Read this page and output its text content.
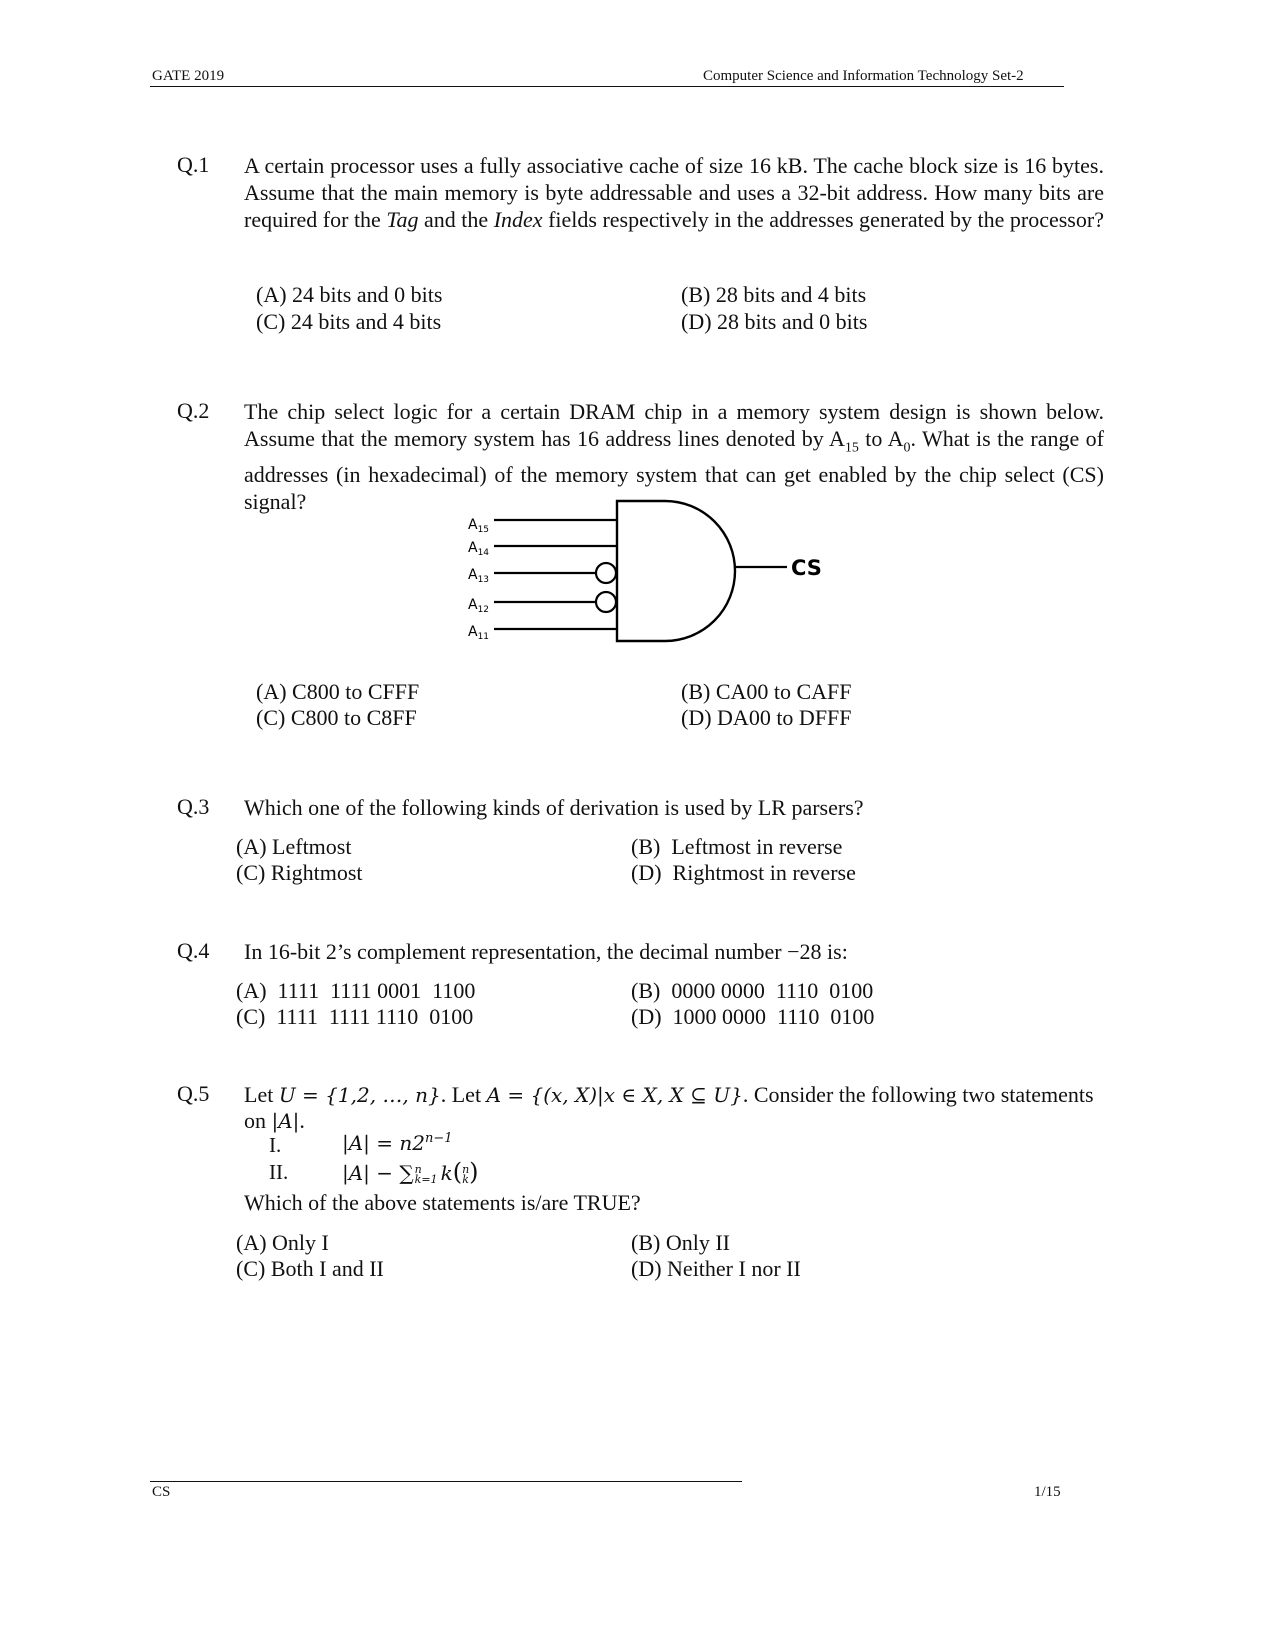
GATE 2019	Computer Science and Information Technology Set-2
Q.1 A certain processor uses a fully associative cache of size 16 kB. The cache block size is 16 bytes. Assume that the main memory is byte addressable and uses a 32-bit address. How many bits are required for the Tag and the Index fields respectively in the addresses generated by the processor?
(A) 24 bits and 0 bits	(B) 28 bits and 4 bits
(C) 24 bits and 4 bits	(D) 28 bits and 0 bits
Q.2 The chip select logic for a certain DRAM chip in a memory system design is shown below. Assume that the memory system has 16 address lines denoted by $A_{15}$ to $A_0$. What is the range of addresses (in hexadecimal) of the memory system that can get enabled by the chip select (CS) signal?
$A_{15}$
$A_{14}$
$A_{13}$
$A_{12}$
$A_{11}$
CS
(A) C800 to CFFF	(B) CA00 to CAFF
(C) C800 to C8FF	(D) DA00 to DFFF
Q.3 Which one of the following kinds of derivation is used by LR parsers?
(A) Leftmost	(B)  Leftmost in reverse
(C) Rightmost	(D)  Rightmost in reverse
Q.4 In 16-bit 2’s complement representation, the decimal number −28 is:
(A)  1111  1111 0001  1100	(B)  0000 0000  1110  0100
(C)  1111  1111 1110  0100	(D)  1000 0000  1110  0100
Q.5 Let U = {1,2, …, n}. Let A = {(x, X)|x ∈ X, X ⊆ U}. Consider the following two statements
on |A|.
I.	$|A| = n2^{n-1}$
II.	|A| − ∑ n
k=1 k( n
k )
Which of the above statements is/are TRUE?
(A) Only I	(B) Only II
(C) Both I and II	(D) Neither I nor II
CS	1/15
